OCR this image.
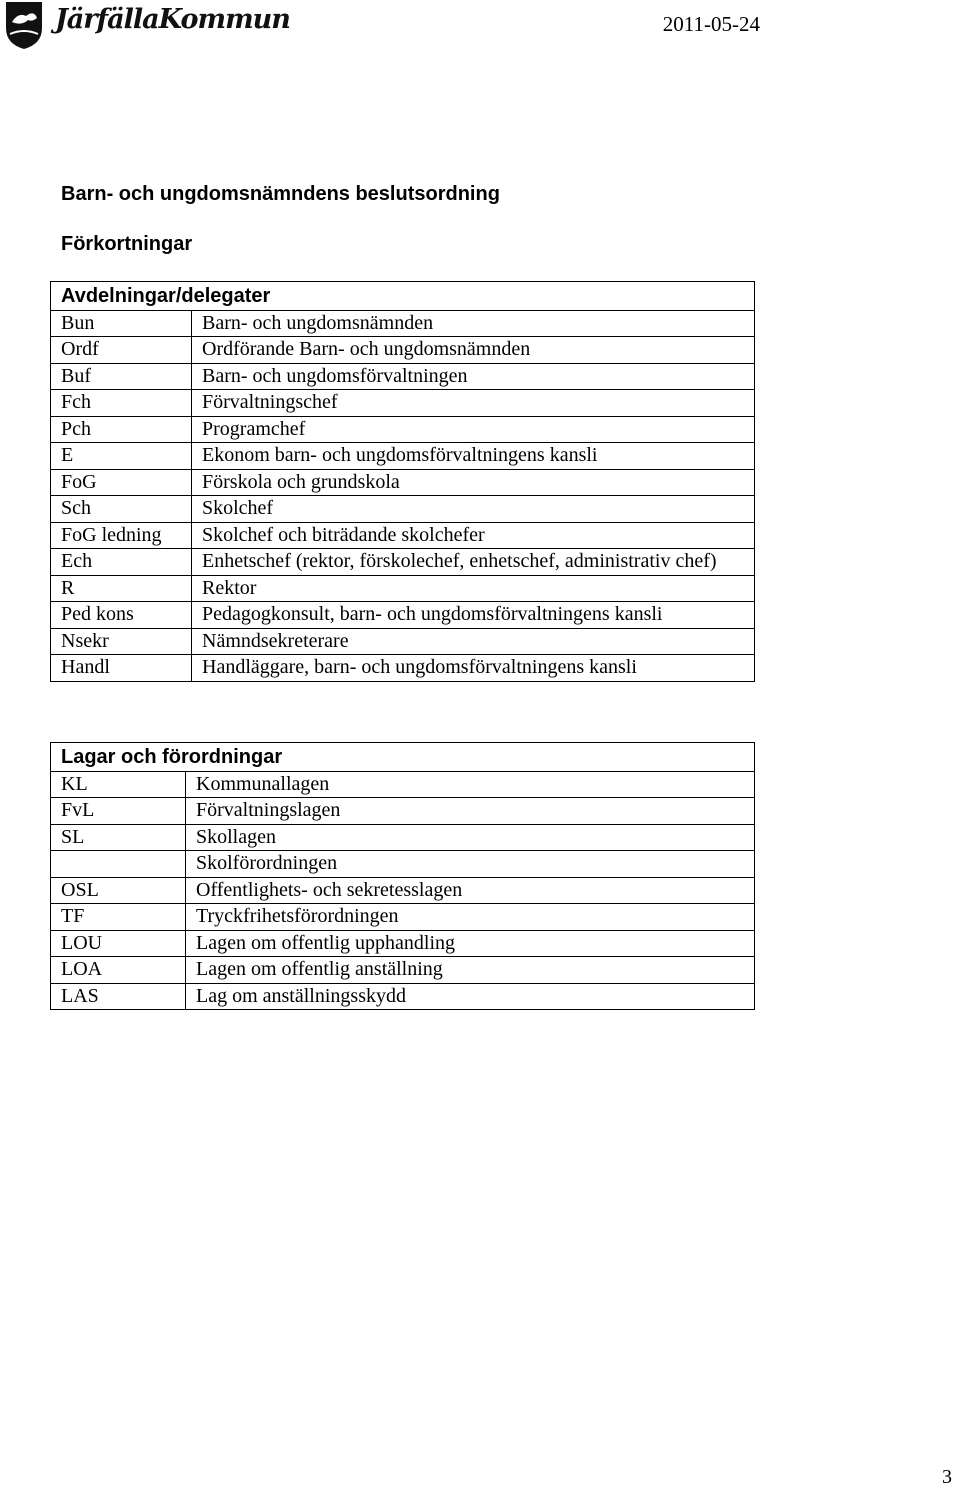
JärfällaKommun	2011-05-24
Barn- och ungdomsnämndens beslutsordning
Förkortningar
Avdelningar/delegater	
Bun	Barn- och ungdomsnämnden
Ordf	Ordförande Barn- och ungdomsnämnden
Buf	Barn- och ungdomsförvaltningen
Fch	Förvaltningschef
Pch	Programchef
E	Ekonom barn- och ungdomsförvaltningens kansli
FoG	Förskola och grundskola
Sch	Skolchef
FoG ledning	Skolchef och biträdande skolchefer
Ech	Enhetschef (rektor, förskolechef, enhetschef, administrativ chef)
R	Rektor
Ped kons	Pedagogkonsult, barn- och ungdomsförvaltningens kansli
Nsekr	Nämndsekreterare
Handl	Handläggare, barn- och ungdomsförvaltningens kansli
Lagar och förordningar	
KL	Kommunallagen
FvL	Förvaltningslagen
SL	Skollagen
	Skolförordningen
OSL	Offentlighets- och sekretesslagen
TF	Tryckfrihetsförordningen
LOU	Lagen om offentlig upphandling
LOA	Lagen om offentlig anställning
LAS	Lag om anställningsskydd
3
